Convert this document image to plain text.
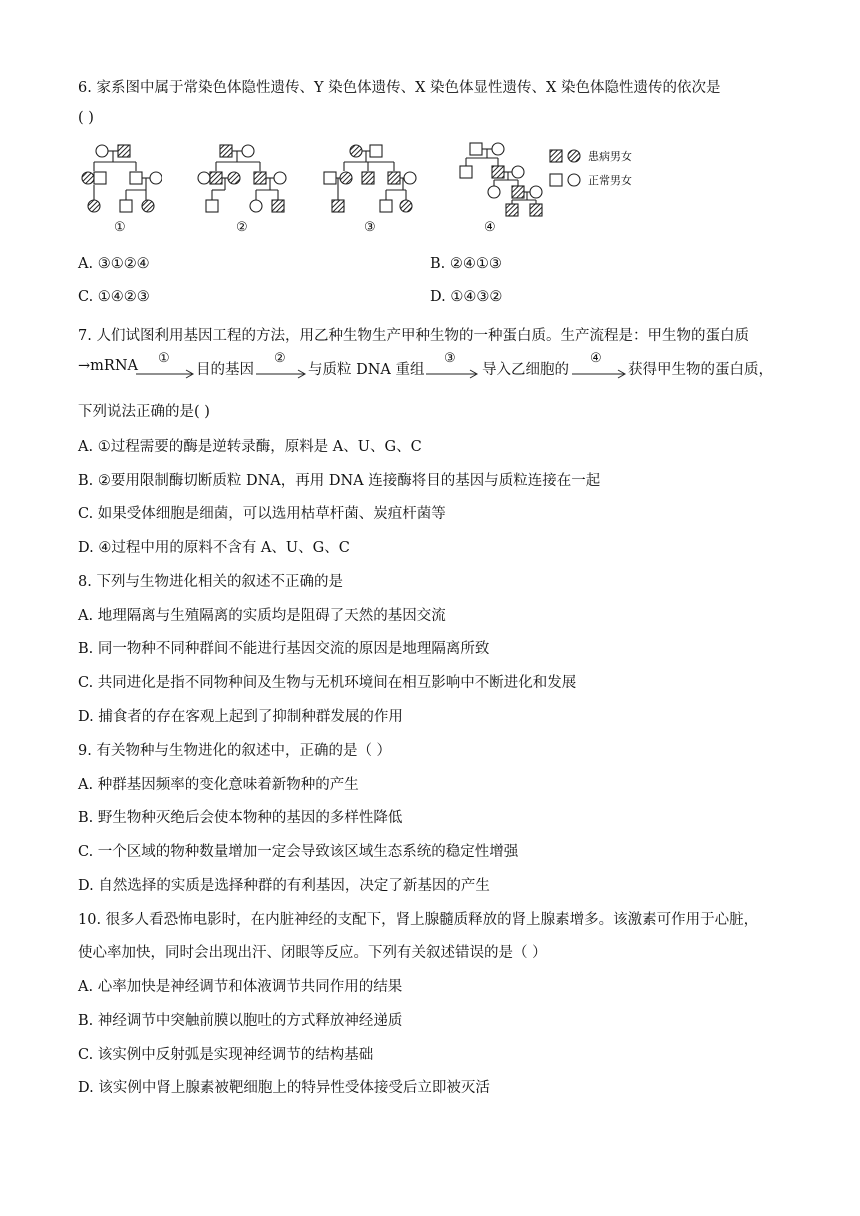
6. 家系图中属于常染色体隐性遗传、Y 染色体遗传、X 染色体显性遗传、X 染色体隐性遗传的依次是
( )
①	②	③	④
患病男女
正常男女
A. ③①②④	B. ②④①③
C. ①④②③	D. ①④③②
7. 人们试图利用基因工程的方法，用乙种生物生产甲种生物的一种蛋白质。生产流程是：甲生物的蛋白质
→mRNA ①
目的基因
②
与质粒 DNA 重组
③
导入乙细胞的
④
获得甲生物的蛋白质，
下列说法正确的是( )
A. ①过程需要的酶是逆转录酶，原料是 A、U、G、C
B. ②要用限制酶切断质粒 DNA，再用 DNA 连接酶将目的基因与质粒连接在一起
C. 如果受体细胞是细菌，可以选用枯草杆菌、炭疽杆菌等
D. ④过程中用的原料不含有 A、U、G、C
8. 下列与生物进化相关的叙述不正确的是
A. 地理隔离与生殖隔离的实质均是阻碍了天然的基因交流
B. 同一物种不同种群间不能进行基因交流的原因是地理隔离所致
C. 共同进化是指不同物种间及生物与无机环境间在相互影响中不断进化和发展
D. 捕食者的存在客观上起到了抑制种群发展的作用
9. 有关物种与生物进化的叙述中，正确的是（ ）
A. 种群基因频率的变化意味着新物种的产生
B. 野生物种灭绝后会使本物种的基因的多样性降低
C. 一个区域的物种数量增加一定会导致该区域生态系统的稳定性增强
D. 自然选择的实质是选择种群的有利基因，决定了新基因的产生
10. 很多人看恐怖电影时，在内脏神经的支配下，肾上腺髓质释放的肾上腺素增多。该激素可作用于心脏，
使心率加快，同时会出现出汗、闭眼等反应。下列有关叙述错误的是（ ）
A. 心率加快是神经调节和体液调节共同作用的结果
B. 神经调节中突触前膜以胞吐的方式释放神经递质
C. 该实例中反射弧是实现神经调节的结构基础
D. 该实例中肾上腺素被靶细胞上的特异性受体接受后立即被灭活
